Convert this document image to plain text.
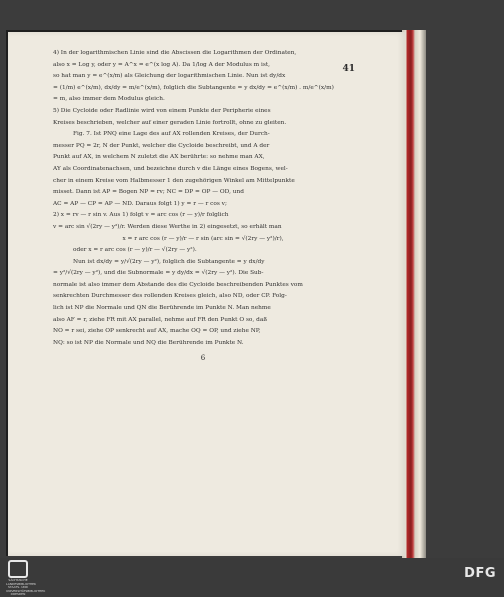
41
4) In der logarithmischen Linie sind die Abscissen die Logarithmen der Ordinaten,
also x = Log y, oder y = A^x = e^(x log A). Da 1/log A der Modulus m ist,
so hat man y = e^(x/m) als Gleichung der logarithmischen Linie. Nun ist dy/dx
= (1/m) e^(x/m), dx/dy = m/e^(x/m), folglich die Subtangente = y dx/dy = e^(x/m) . m/e^(x/m)
= m, also immer dem Modulus gleich.
5) Die Cycloide oder Radlinie wird von einem Punkte der Peripherie eines
Kreises beschrieben, welcher auf einer geraden Linie fortrollt, ohne zu gleiten.
Fig. 7. Ist PNQ eine Lage des auf AX rollenden Kreises, der Durch-
messer PQ = 2r, N der Punkt, welcher die Cycloide beschreibt, und A der
Punkt auf AX, in welchem N zuletzt die AX berührte: so nehme man AX,
AY als Coordinatenachsen, und bezeichne durch v die Länge eines Bogens, wel-
cher in einem Kreise vom Halbmesser 1 den zugehörigen Winkel am Mittelpunkte
misset. Dann ist AP = Bogen NP = rv; NC = DP = OP — OD, und
AC = AP — CP = AP — ND. Daraus folgt 1) y = r — r cos v;
2) x = rv — r sin v. Aus 1) folgt v = arc cos (r — y)/r folglich
v = arc sin √(2ry — y²)/r. Werden diese Werthe in 2) eingesetzt, so erhält man
x = r arc cos (r — y)/r — r sin (arc sin = √(2ry — y²)/r),
oder x = r arc cos (r — y)/r — √(2ry — y²).
Nun ist dx/dy = y/√(2ry — y²), folglich die Subtangente = y dx/dy
= y²/√(2ry — y²), und die Subnormale = y dy/dx = √(2ry — y²). Die Sub-
normale ist also immer dem Abstande des die Cycloide beschreibenden Punktes vom
senkrechten Durchmesser des rollenden Kreises gleich, also ND, oder CP. Folg-
lich ist NP die Normale und QN die Berührende im Punkte N. Man nehme
also AF = r, ziehe FR mit AX parallel, nehme auf FR den Punkt O so, daß
NO = r sei, ziehe OP senkrecht auf AX, mache OQ = OP, und ziehe NP,
NQ: so ist NP die Normale und NQ die Berührende im Punkte N.
6
SÄCHSISCHE LANDESBIBLIOTHEK STAATS- UND UNIVERSITÄTSBIBLIOTHEK DRESDEN
DFG
